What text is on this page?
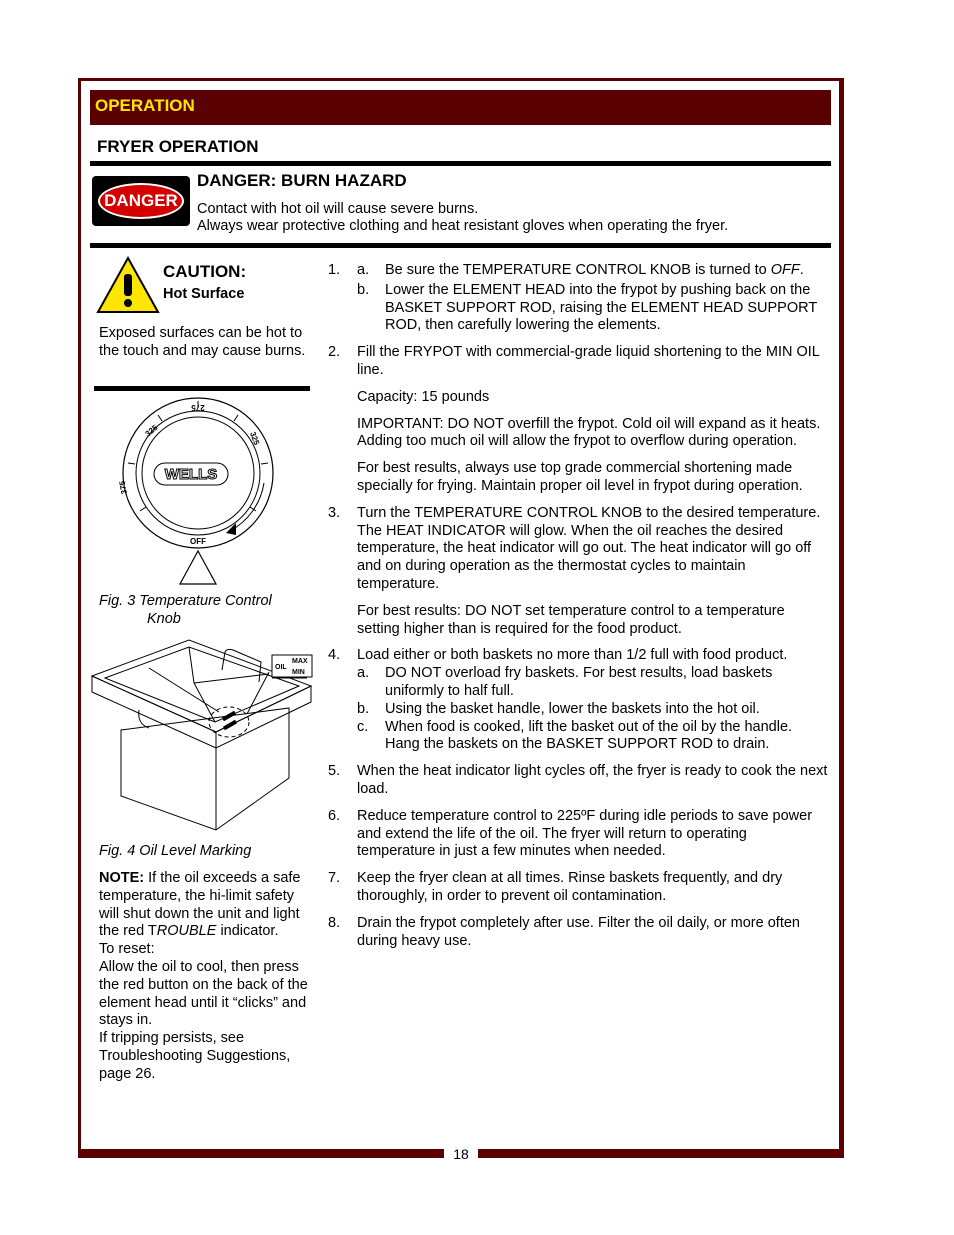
OPERATION
FRYER OPERATION
DANGER
DANGER: BURN HAZARD
Contact with hot oil will cause severe burns.
Always wear protective clothing and heat resistant gloves when operating the fryer.
CAUTION:
Hot Surface
Exposed surfaces can be hot to the touch and may cause burns.
WELLS
275
325	325
375
OFF
Fig. 3 Temperature Control
Knob
OIL
MAX
MIN
Fig. 4 Oil Level Marking
NOTE: If the oil exceeds a safe temperature, the hi-limit safety will shut down the unit and light the red TROUBLE indicator.
To reset:
Allow the oil to cool, then press the red button on the back of the element head until it “clicks” and stays in.
If tripping persists, see Troubleshooting Suggestions, page 26.
1. a. Be sure the TEMPERATURE CONTROL KNOB is turned to OFF.
b. Lower the ELEMENT HEAD into the frypot by pushing back on the BASKET SUPPORT ROD, raising the ELEMENT HEAD SUPPORT ROD, then carefully lowering the elements.
2. Fill the FRYPOT with commercial-grade liquid shortening to the MIN OIL line.
Capacity: 15 pounds
IMPORTANT: DO NOT overfill the frypot. Cold oil will expand as it heats. Adding too much oil will allow the frypot to overflow during operation.
For best results, always use top grade commercial shortening made specially for frying. Maintain proper oil level in frypot during operation.
3. Turn the TEMPERATURE CONTROL KNOB to the desired temperature. The HEAT INDICATOR will glow. When the oil reaches the desired temperature, the heat indicator will go out. The heat indicator will go off and on during operation as the thermostat cycles to maintain temperature.
For best results: DO NOT set temperature control to a temperature setting higher than is required for the food product.
4. Load either or both baskets no more than 1/2 full with food product.
a. DO NOT overload fry baskets. For best results, load baskets uniformly to half full.
b. Using the basket handle, lower the baskets into the hot oil.
c. When food is cooked, lift the basket out of the oil by the handle. Hang the baskets on the BASKET SUPPORT ROD to drain.
5. When the heat indicator light cycles off, the fryer is ready to cook the next load.
6. Reduce temperature control to 225ºF during idle periods to save power and extend the life of the oil. The fryer will return to operating temperature in just a few minutes when needed.
7. Keep the fryer clean at all times. Rinse baskets frequently, and dry thoroughly, in order to prevent oil contamination.
8. Drain the frypot completely after use. Filter the oil daily, or more often during heavy use.
18
